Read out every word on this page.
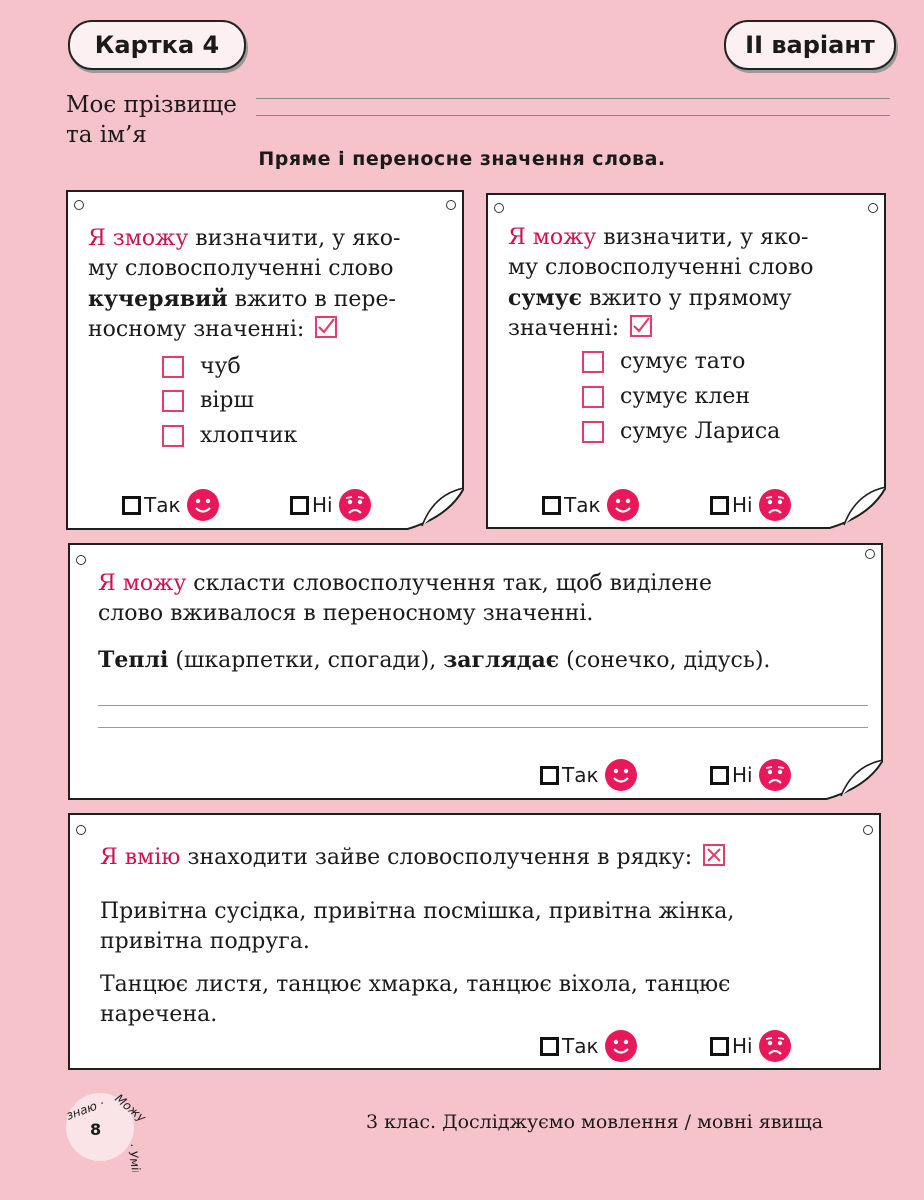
Картка 4	ІІ варіант
Моє прізвище
та ім’я
Пряме і переносне значення слова.
Я зможу визначити, у яко-
му словосполученні слово
кучерявий вжито в пере-
носному значенні:
чуб
вірш
хлопчик
Так	Ні
Я можу визначити, у яко-
му словосполученні слово
сумує вжито у прямому
значенні:
сумує тато
сумує клен
сумує Лариса
Так	Ні
Я можу скласти словосполучення так, щоб виділене
слово вживалося в переносному значенні.
Теплі (шкарпетки, спогади), заглядає (сонечко, дідусь).
Так	Ні
Я вмію знаходити зайве словосполучення в рядку:
Привітна сусідка, привітна посмішка, привітна жінка,
привітна подруга.
Танцює листя, танцює хмарка, танцює віхола, танцює
наречена.
Так	Ні
знаю · Можу
· Умію
8	3 клас. Досліджуємо мовлення / мовні явища
